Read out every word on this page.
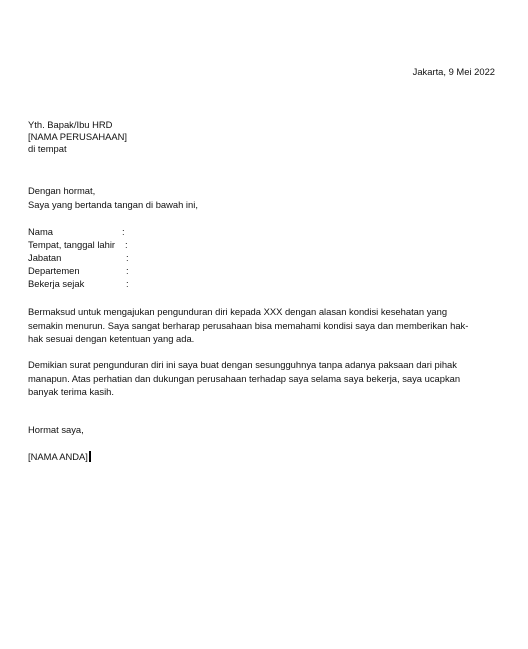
Jakarta, 9 Mei 2022
Yth. Bapak/Ibu HRD
[NAMA PERUSAHAAN]
di tempat
Dengan hormat,
Saya yang bertanda tangan di bawah ini,
Nama	:
Tempat, tanggal lahir :
Jabatan	:
Departemen	:
Bekerja sejak	:
Bermaksud untuk mengajukan pengunduran diri kepada XXX dengan alasan kondisi kesehatan yang semakin menurun. Saya sangat berharap perusahaan bisa memahami kondisi saya dan memberikan hak-hak sesuai dengan ketentuan yang ada.
Demikian surat pengunduran diri ini saya buat dengan sesungguhnya tanpa adanya paksaan dari pihak manapun. Atas perhatian dan dukungan perusahaan terhadap saya selama saya bekerja, saya ucapkan banyak terima kasih.
Hormat saya,
[NAMA ANDA]
